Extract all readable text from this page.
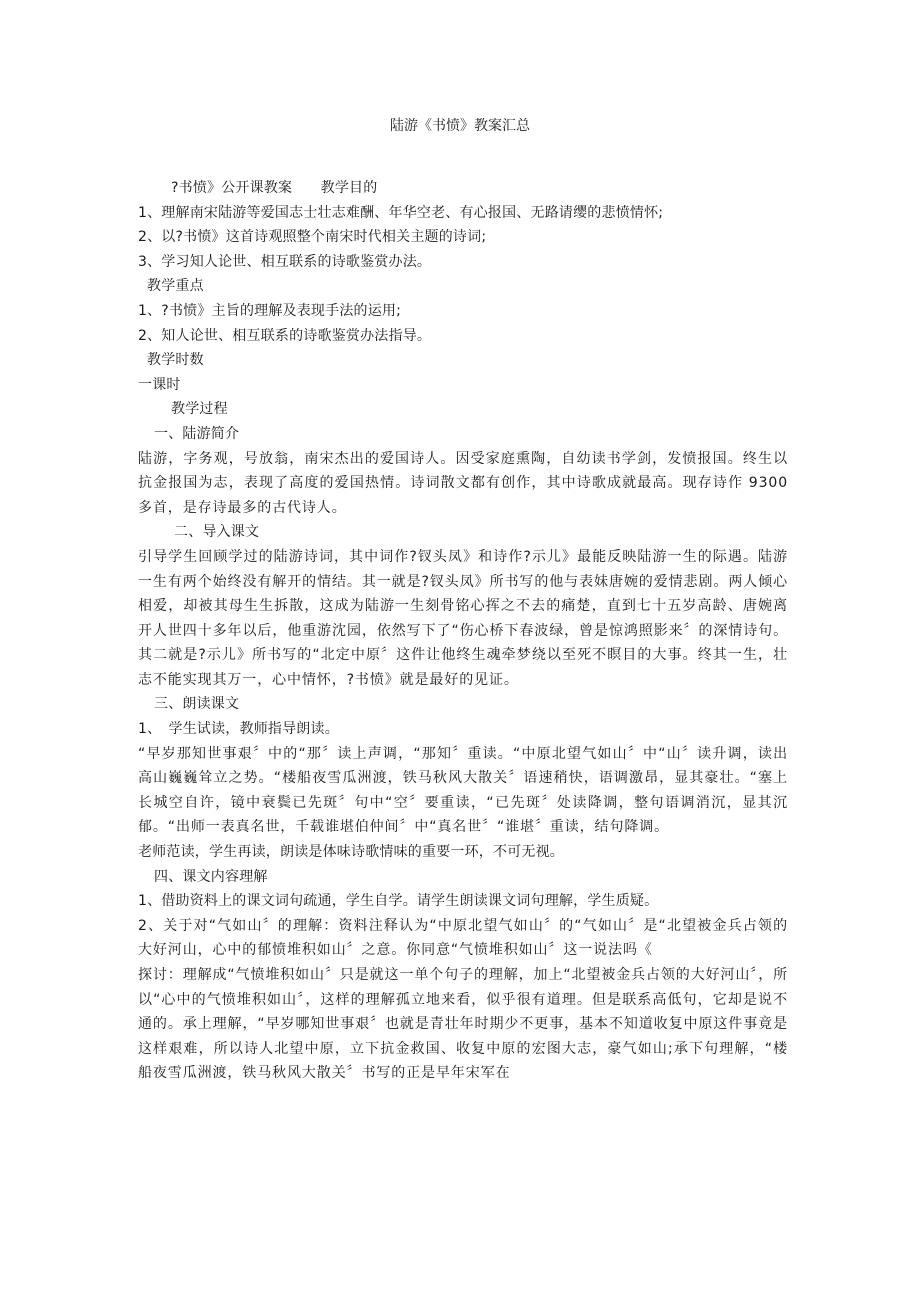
陆游《书愤》教案汇总

?书愤》公开课教案　　教学目的

1、理解南宋陆游等爱国志士壮志难酬、年华空老、有心报国、无路请缨的悲愤情怀;

2、以?书愤》这首诗观照整个南宋时代相关主题的诗词;

3、学习知人论世、相互联系的诗歌鉴赏办法。

教学重点

1、?书愤》主旨的理解及表现手法的运用;

2、知人论世、相互联系的诗歌鉴赏办法指导。

教学时数

一课时

教学过程

一、陆游简介

陆游，字务观，号放翁，南宋杰出的爱国诗人。因受家庭熏陶，自幼读书学剑，发愤报国。终生以抗金报国为志，表现了高度的爱国热情。诗词散文都有创作，其中诗歌成就最高。现存诗作 9300 多首，是存诗最多的古代诗人。

二、导入课文

引导学生回顾学过的陆游诗词，其中词作?钗头凤》和诗作?示儿》最能反映陆游一生的际遇。陆游一生有两个始终没有解开的情结。其一就是?钗头凤》所书写的他与表妹唐婉的爱情悲剧。两人倾心相爱，却被其母生生拆散，这成为陆游一生刻骨铭心挥之不去的痛楚，直到七十五岁高龄、唐婉离开人世四十多年以后，他重游沈园，依然写下了“伤心桥下春波绿，曾是惊鸿照影来〞的深情诗句。其二就是?示儿》所书写的“北定中原〞这件让他终生魂牵梦绕以至死不瞑目的大事。终其一生，壮志不能实现其万一，心中情怀，?书愤》就是最好的见证。

三、朗读课文

1、　学生试读，教师指导朗读。

“早岁那知世事艰〞中的“那〞读上声调，“那知〞重读。“中原北望气如山〞中“山〞读升调，读出高山巍巍耸立之势。“楼船夜雪瓜洲渡，铁马秋风大散关〞语速稍快，语调激昂，显其豪壮。“塞上长城空自许，镜中衰鬓已先斑〞句中“空〞要重读，“已先斑〞处读降调，整句语调消沉，显其沉郁。“出师一表真名世，千载谁堪伯仲间〞中“真名世〞“谁堪〞重读，结句降调。

老师范读，学生再读，朗读是体味诗歌情味的重要一环，不可无视。

四、课文内容理解

1、借助资料上的课文词句疏通，学生自学。请学生朗读课文词句理解，学生质疑。

2、关于对“气如山〞的理解：资料注释认为“中原北望气如山〞的“气如山〞是“北望被金兵占领的大好河山，心中的郁愤堆积如山〞之意。你同意“气愤堆积如山〞这一说法吗《

探讨：理解成“气愤堆积如山〞只是就这一单个句子的理解，加上“北望被金兵占领的大好河山〞，所以“心中的气愤堆积如山〞，这样的理解孤立地来看，似乎很有道理。但是联系高低句，它却是说不通的。承上理解，“早岁哪知世事艰〞也就是青壮年时期少不更事，基本不知道收复中原这件事竟是这样艰难，所以诗人北望中原，立下抗金救国、收复中原的宏图大志，豪气如山;承下句理解，“楼船夜雪瓜洲渡，铁马秋风大散关〞书写的正是早年宋军在
